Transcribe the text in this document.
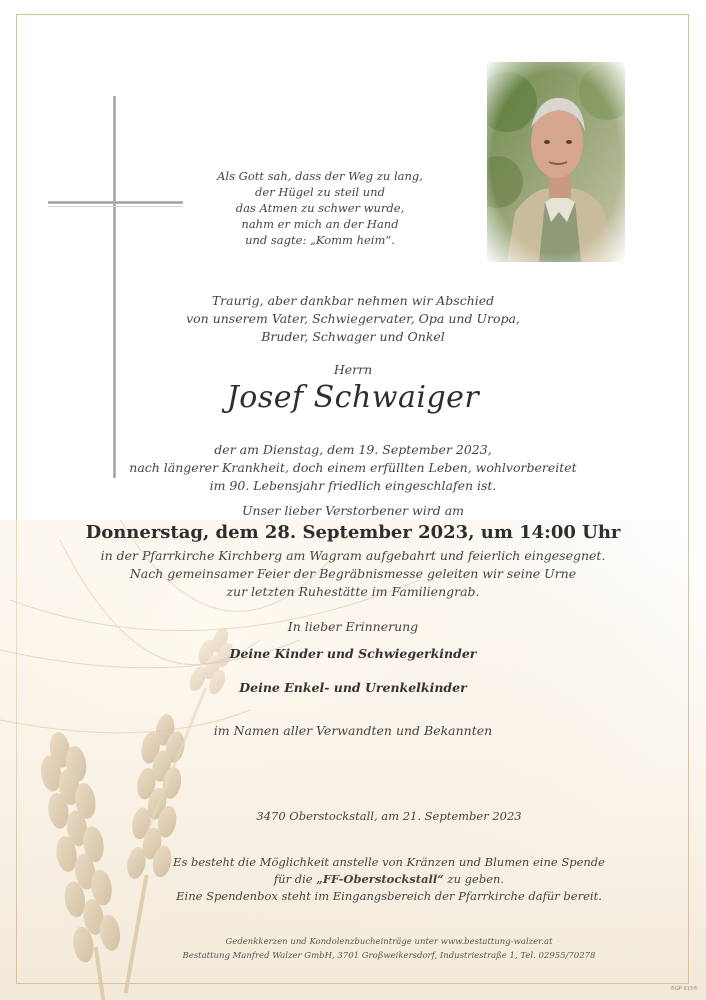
Als Gott sah, dass der Weg zu lang,
der Hügel zu steil und
das Atmen zu schwer wurde,
nahm er mich an der Hand
und sagte: „Komm heim“.
Traurig, aber dankbar nehmen wir Abschied
von unserem Vater, Schwiegervater, Opa und Uropa,
Bruder, Schwager und Onkel
Herrn
Josef Schwaiger
der am Dienstag, dem 19. September 2023,
nach längerer Krankheit, doch einem erfüllten Leben, wohlvorbereitet
im 90. Lebensjahr friedlich eingeschlafen ist.
Unser lieber Verstorbener wird am
Donnerstag, dem 28. September 2023, um 14:00 Uhr
in der Pfarrkirche Kirchberg am Wagram aufgebahrt und feierlich eingesegnet.
Nach gemeinsamer Feier der Begräbnismesse geleiten wir seine Urne
zur letzten Ruhestätte im Familiengrab.
In lieber Erinnerung
Deine Kinder und Schwiegerkinder
Deine Enkel- und Urenkelkinder
im Namen aller Verwandten und Bekannten
3470 Oberstockstall, am 21. September 2023
Es besteht die Möglichkeit anstelle von Kränzen und Blumen eine Spende
für die „FF-Oberstockstall“ zu geben.
Eine Spendenbox steht im Eingangsbereich der Pfarrkirche dafür bereit.
Gedenkkerzen und Kondolenzbucheinträge unter www.bestattung-walzer.at
Bestattung Manfred Walzer GmbH, 3701 Großweikersdorf, Industriestraße 1, Tel. 02955/70278
®GP 913®
